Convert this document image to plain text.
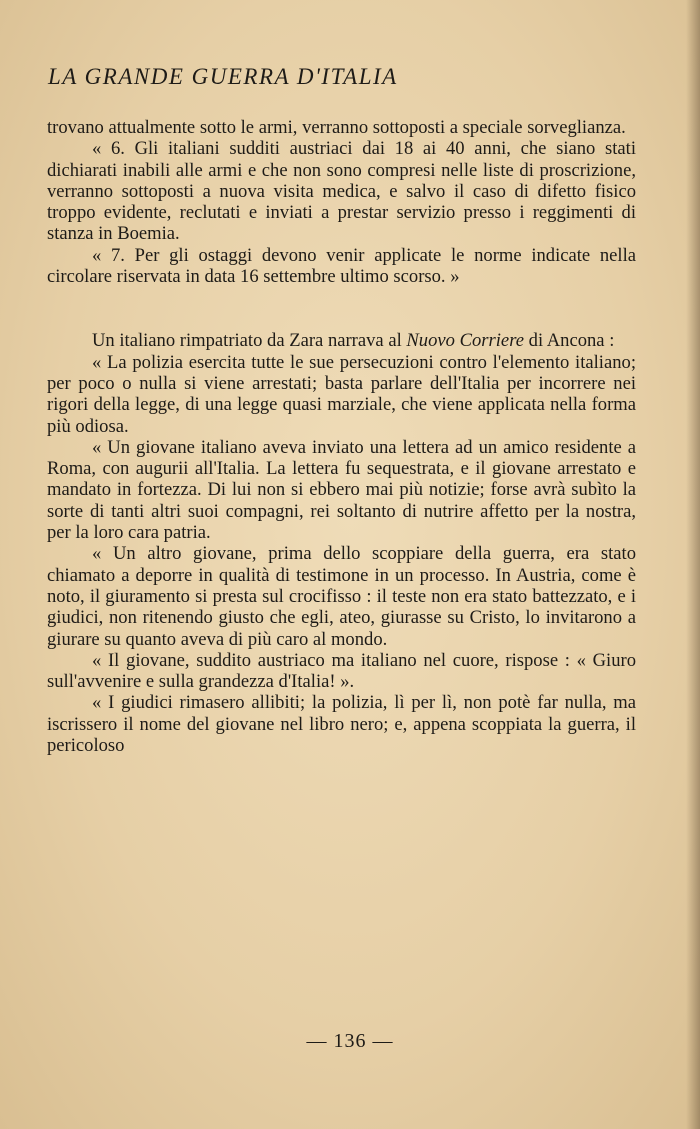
LA GRANDE GUERRA D'ITALIA

trovano attualmente sotto le armi, verranno sottoposti a speciale sorveglianza.

« 6. Gli italiani sudditi austriaci dai 18 ai 40 anni, che siano stati dichiarati inabili alle armi e che non sono compresi nelle liste di proscrizione, verranno sottoposti a nuova visita medica, e salvo il caso di difetto fisico troppo evidente, reclutati e inviati a prestar servizio presso i reggimenti di stanza in Boemia.

« 7. Per gli ostaggi devono venir applicate le norme indicate nella circolare riservata in data 16 settembre ultimo scorso. »

Un italiano rimpatriato da Zara narrava al Nuovo Corriere di Ancona :

« La polizia esercita tutte le sue persecuzioni contro l'elemento italiano; per poco o nulla si viene arrestati; basta parlare dell'Italia per incorrere nei rigori della legge, di una legge quasi marziale, che viene applicata nella forma più odiosa.

« Un giovane italiano aveva inviato una lettera ad un amico residente a Roma, con augurii all'Italia. La lettera fu sequestrata, e il giovane arrestato e mandato in fortezza. Di lui non si ebbero mai più notizie; forse avrà subìto la sorte di tanti altri suoi compagni, rei soltanto di nutrire affetto per la nostra, per la loro cara patria.

« Un altro giovane, prima dello scoppiare della guerra, era stato chiamato a deporre in qualità di testimone in un processo. In Austria, come è noto, il giuramento si presta sul crocifisso : il teste non era stato battezzato, e i giudici, non ritenendo giusto che egli, ateo, giurasse su Cristo, lo invitarono a giurare su quanto aveva di più caro al mondo.

« Il giovane, suddito austriaco ma italiano nel cuore, rispose : « Giuro sull'avvenire e sulla grandezza d'Italia! ».

« I giudici rimasero allibiti; la polizia, lì per lì, non potè far nulla, ma iscrissero il nome del giovane nel libro nero; e, appena scoppiata la guerra, il pericoloso

— 136 —
